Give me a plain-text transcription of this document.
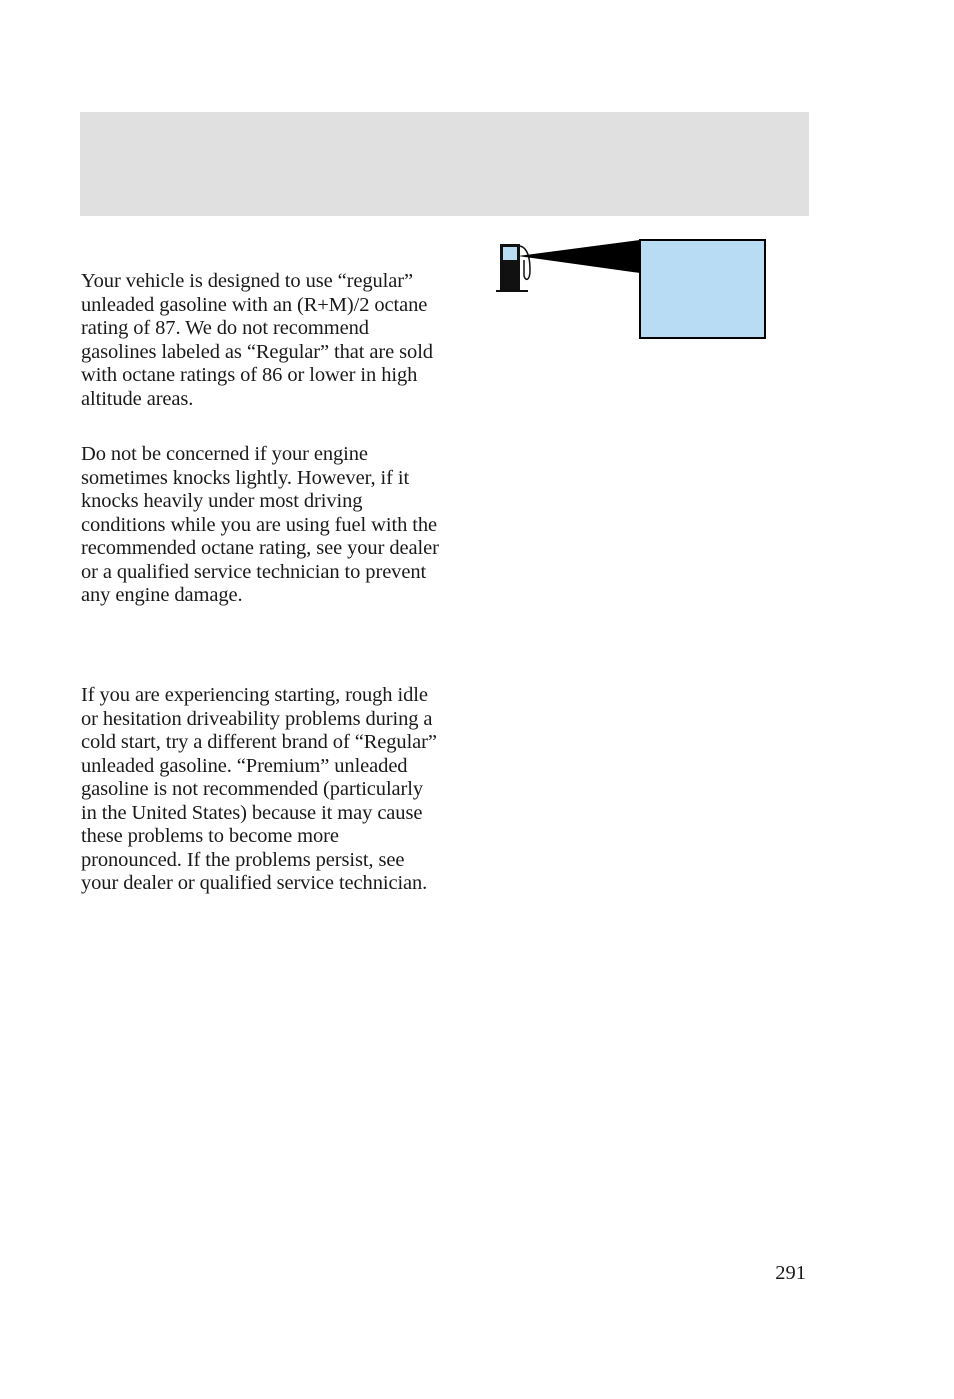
Your vehicle is designed to use “regular” unleaded gasoline with an (R+M)/2 octane rating of 87. We do not recommend gasolines labeled as “Regular” that are sold with octane ratings of 86 or lower in high altitude areas.

Do not be concerned if your engine sometimes knocks lightly. However, if it knocks heavily under most driving conditions while you are using fuel with the recommended octane rating, see your dealer or a qualified service technician to prevent any engine damage.

If you are experiencing starting, rough idle or hesitation driveability problems during a cold start, try a different brand of “Regular” unleaded gasoline. “Premium” unleaded gasoline is not recommended (particularly in the United States) because it may cause these problems to become more pronounced. If the problems persist, see your dealer or qualified service technician.

291
